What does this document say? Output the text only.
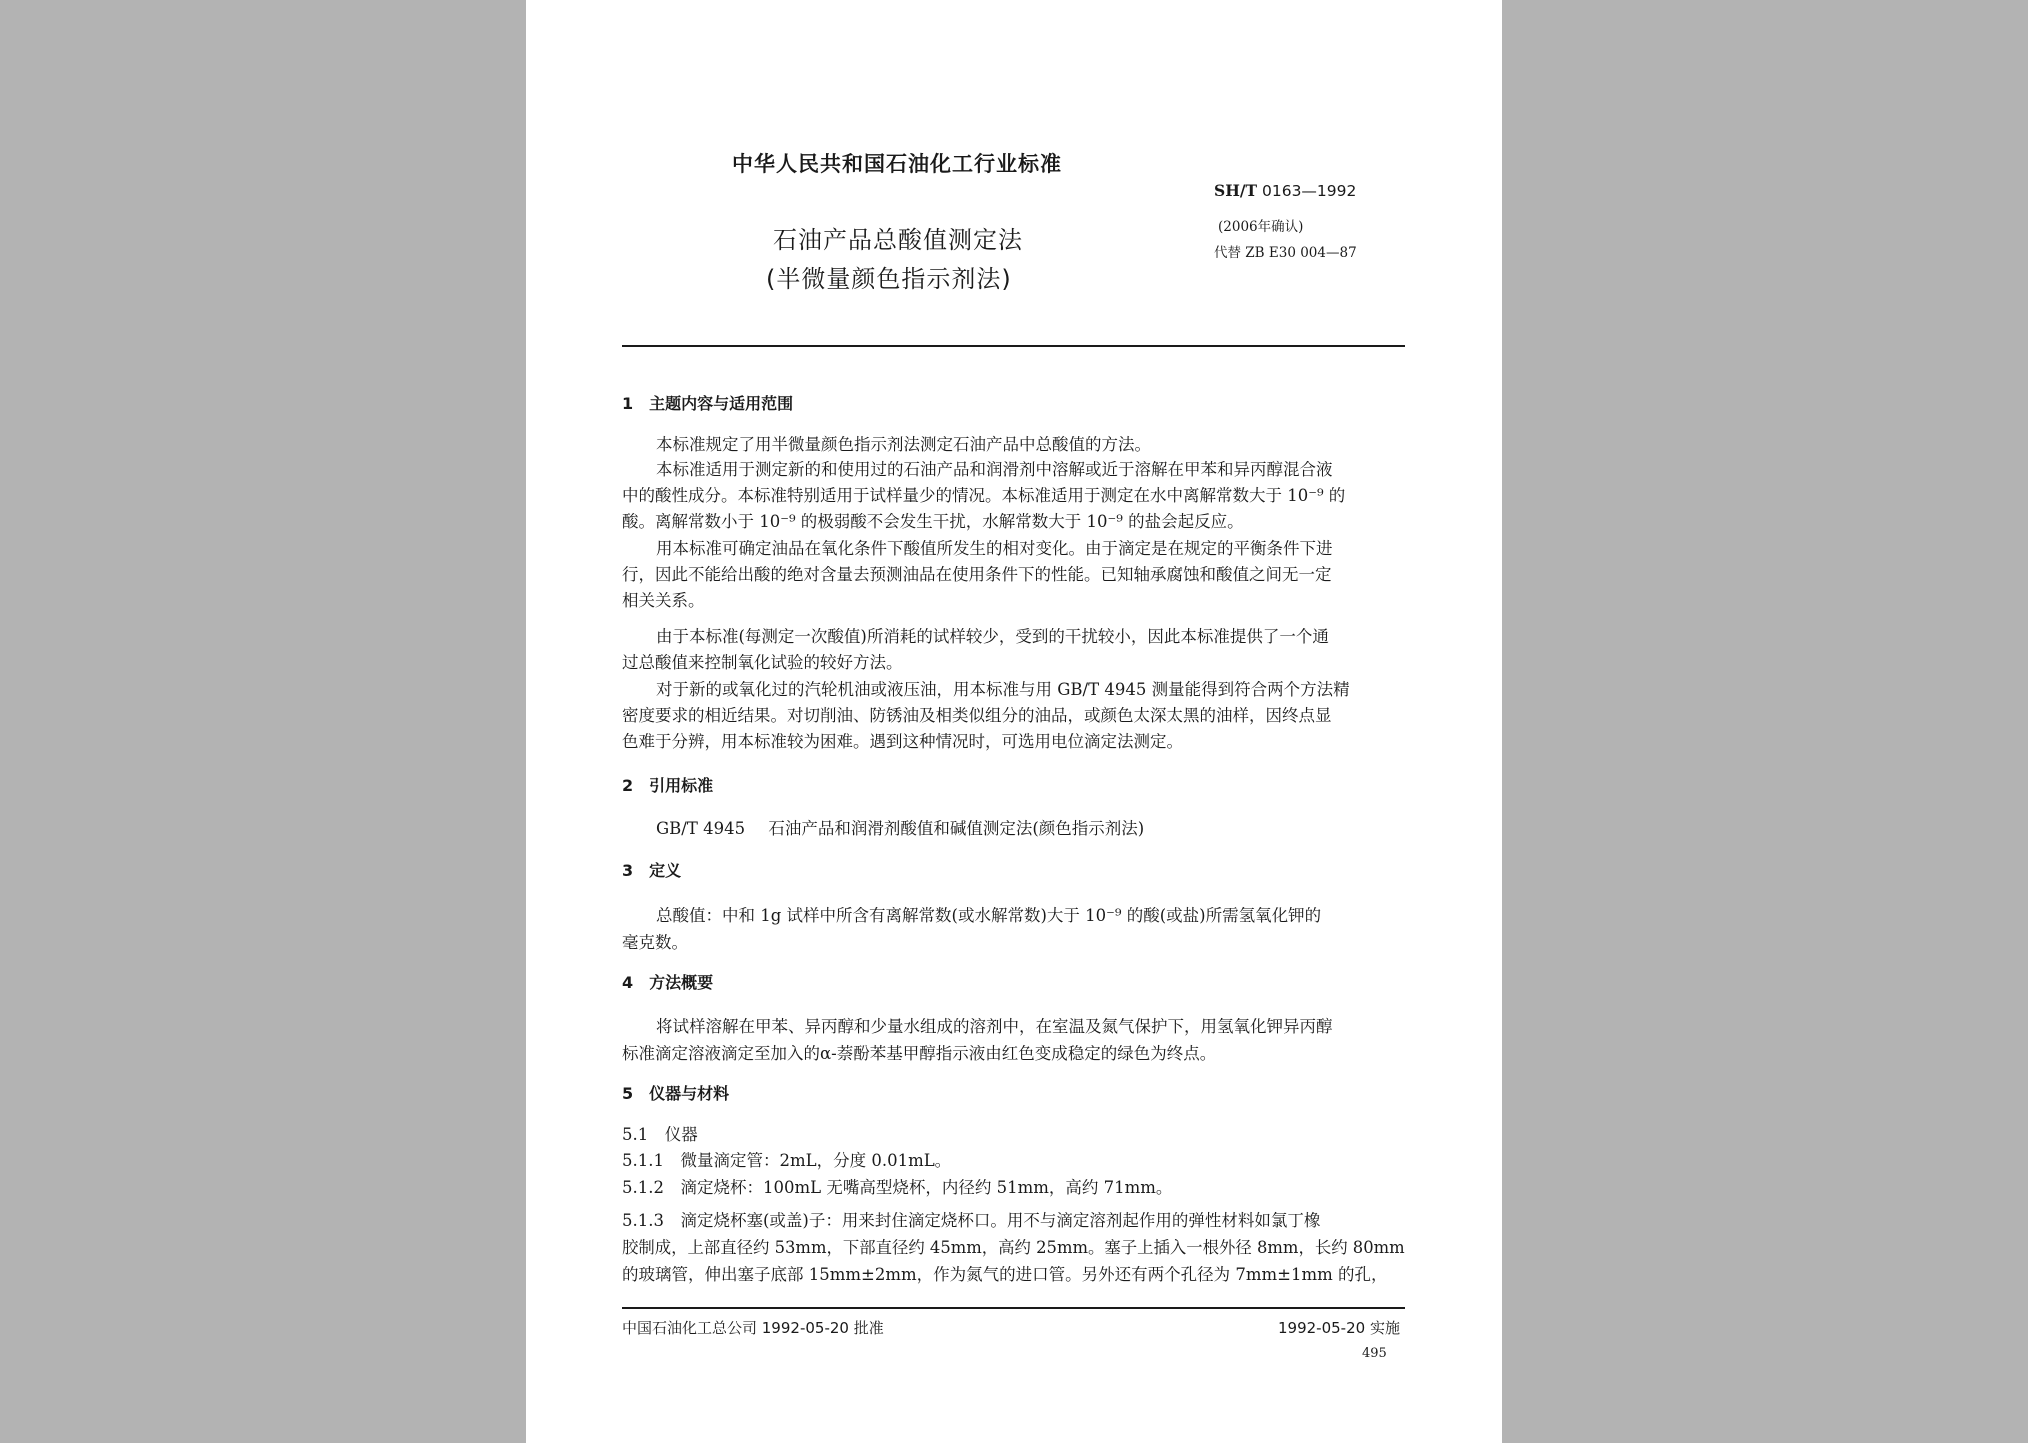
中华人民共和国石油化工行业标准
SH/T 0163—1992
(2006年确认)
代替 ZB E30 004—87
石油产品总酸值测定法
(半微量颜色指示剂法)
1　主题内容与适用范围
本标准规定了用半微量颜色指示剂法测定石油产品中总酸值的方法。
本标准适用于测定新的和使用过的石油产品和润滑剂中溶解或近于溶解在甲苯和异丙醇混合液
中的酸性成分。本标准特别适用于试样量少的情况。本标准适用于测定在水中离解常数大于 10⁻⁹ 的
酸。离解常数小于 10⁻⁹ 的极弱酸不会发生干扰，水解常数大于 10⁻⁹ 的盐会起反应。
用本标准可确定油品在氧化条件下酸值所发生的相对变化。由于滴定是在规定的平衡条件下进
行，因此不能给出酸的绝对含量去预测油品在使用条件下的性能。已知轴承腐蚀和酸值之间无一定
相关关系。
由于本标准(每测定一次酸值)所消耗的试样较少，受到的干扰较小，因此本标准提供了一个通
过总酸值来控制氧化试验的较好方法。
对于新的或氧化过的汽轮机油或液压油，用本标准与用 GB/T 4945 测量能得到符合两个方法精
密度要求的相近结果。对切削油、防锈油及相类似组分的油品，或颜色太深太黑的油样，因终点显
色难于分辨，用本标准较为困难。遇到这种情况时，可选用电位滴定法测定。
2　引用标准
GB/T 4945 石油产品和润滑剂酸值和碱值测定法(颜色指示剂法)
3　定义
总酸值：中和 1g 试样中所含有离解常数(或水解常数)大于 10⁻⁹ 的酸(或盐)所需氢氧化钾的
毫克数。
4　方法概要
将试样溶解在甲苯、异丙醇和少量水组成的溶剂中，在室温及氮气保护下，用氢氧化钾异丙醇
标准滴定溶液滴定至加入的α-萘酚苯基甲醇指示液由红色变成稳定的绿色为终点。
5　仪器与材料
5.1　仪器
5.1.1　微量滴定管：2mL，分度 0.01mL。
5.1.2　滴定烧杯：100mL 无嘴高型烧杯，内径约 51mm，高约 71mm。
5.1.3　滴定烧杯塞(或盖)子：用来封住滴定烧杯口。用不与滴定溶剂起作用的弹性材料如氯丁橡
胶制成，上部直径约 53mm，下部直径约 45mm，高约 25mm。塞子上插入一根外径 8mm，长约 80mm
的玻璃管，伸出塞子底部 15mm±2mm，作为氮气的进口管。另外还有两个孔径为 7mm±1mm 的孔，
中国石油化工总公司 1992-05-20 批准	1992-05-20 实施
495
